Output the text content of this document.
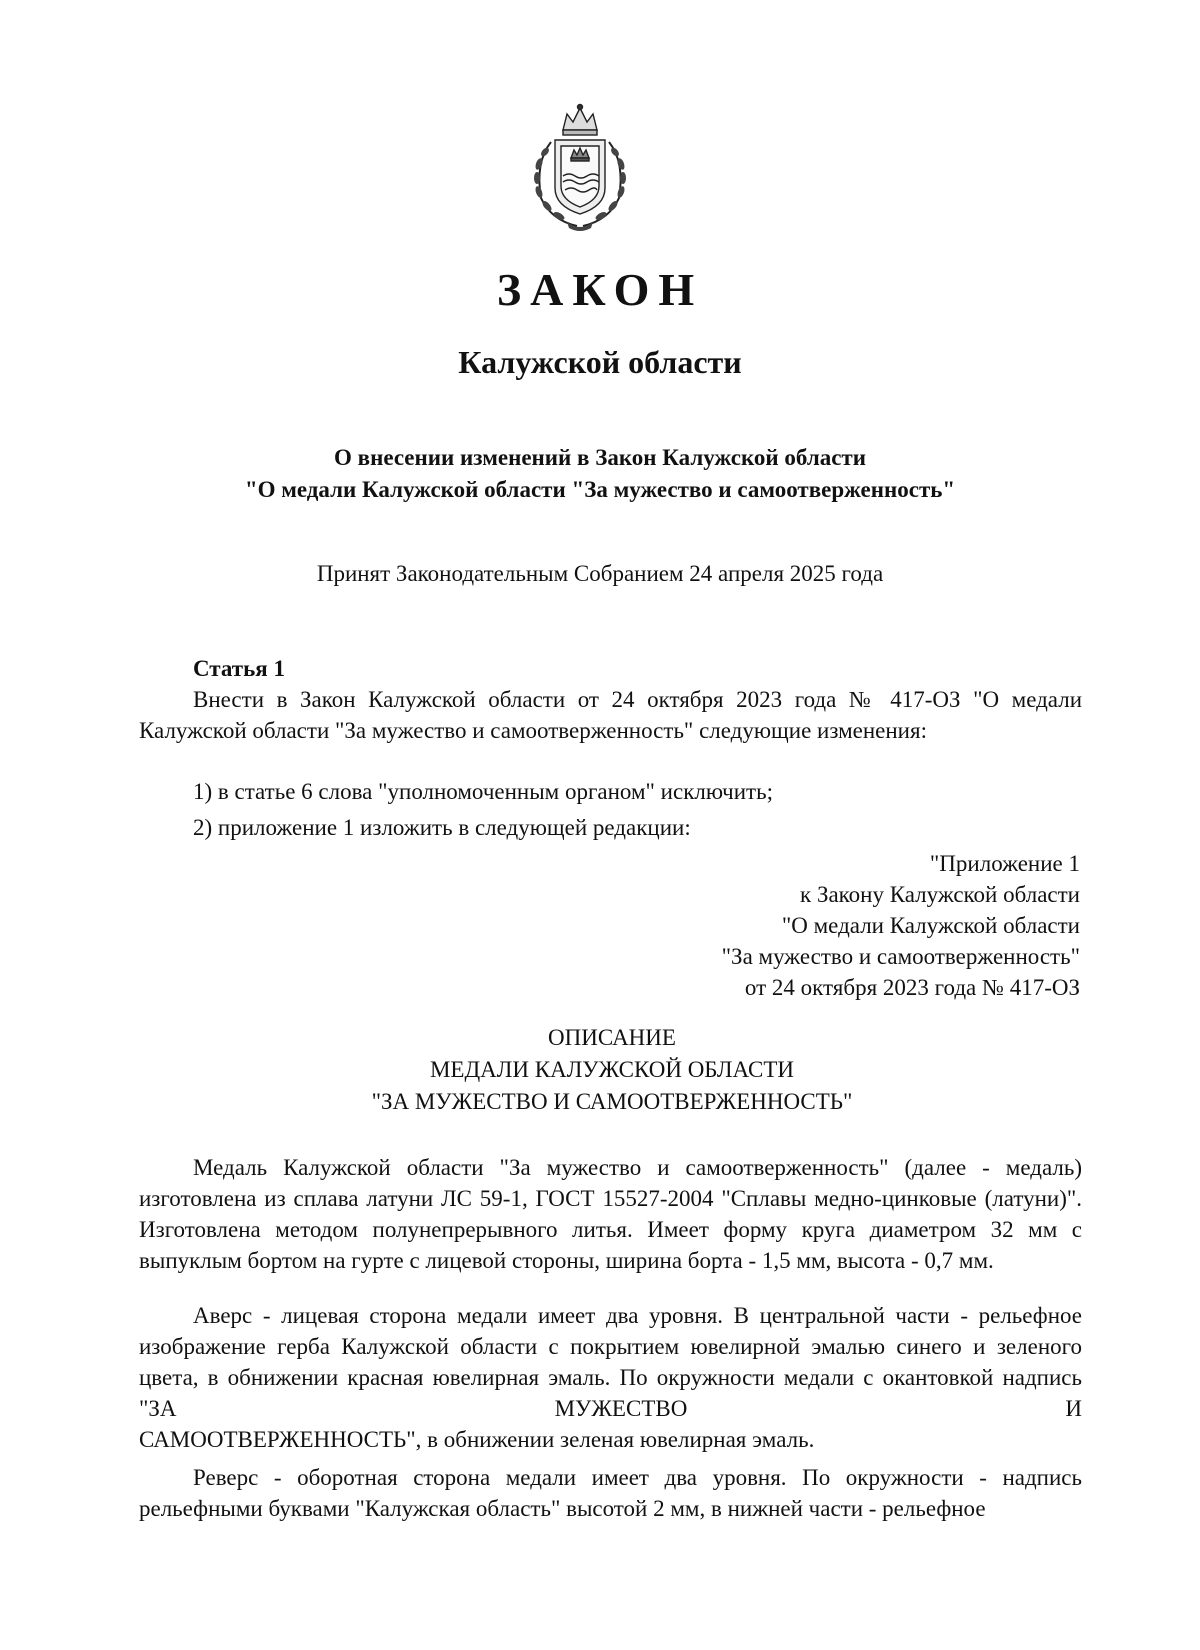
ЗАКОН
Калужской области
О внесении изменений в Закон Калужской области
"О медали Калужской области "За мужество и самоотверженность"
Принят Законодательным Собранием 24 апреля 2025 года
Статья 1
Внести в Закон Калужской области от 24 октября 2023 года № 417-ОЗ "О медали Калужской области "За мужество и самоотверженность" следующие изменения:
1) в статье 6 слова "уполномоченным органом" исключить;
2) приложение 1 изложить в следующей редакции:
"Приложение 1
к Закону Калужской области
"О медали Калужской области
"За мужество и самоотверженность"
от 24 октября 2023 года № 417-ОЗ
ОПИСАНИЕ
МЕДАЛИ КАЛУЖСКОЙ ОБЛАСТИ
"ЗА МУЖЕСТВО И САМООТВЕРЖЕННОСТЬ"
Медаль Калужской области "За мужество и самоотверженность" (далее - медаль) изготовлена из сплава латуни ЛС 59-1, ГОСТ 15527-2004 "Сплавы медно-цинковые (латуни)". Изготовлена методом полунепрерывного литья. Имеет форму круга диаметром 32 мм с выпуклым бортом на гурте с лицевой стороны, ширина борта - 1,5 мм, высота - 0,7 мм.
Аверс - лицевая сторона медали имеет два уровня. В центральной части - рельефное изображение герба Калужской области с покрытием ювелирной эмалью синего и зеленого цвета, в обнижении красная ювелирная эмаль. По окружности медали с окантовкой надпись "ЗА МУЖЕСТВО И
САМООТВЕРЖЕННОСТЬ", в обнижении зеленая ювелирная эмаль.
Реверс - оборотная сторона медали имеет два уровня. По окружности - надпись рельефными буквами "Калужская область" высотой 2 мм, в нижней части - рельефное
